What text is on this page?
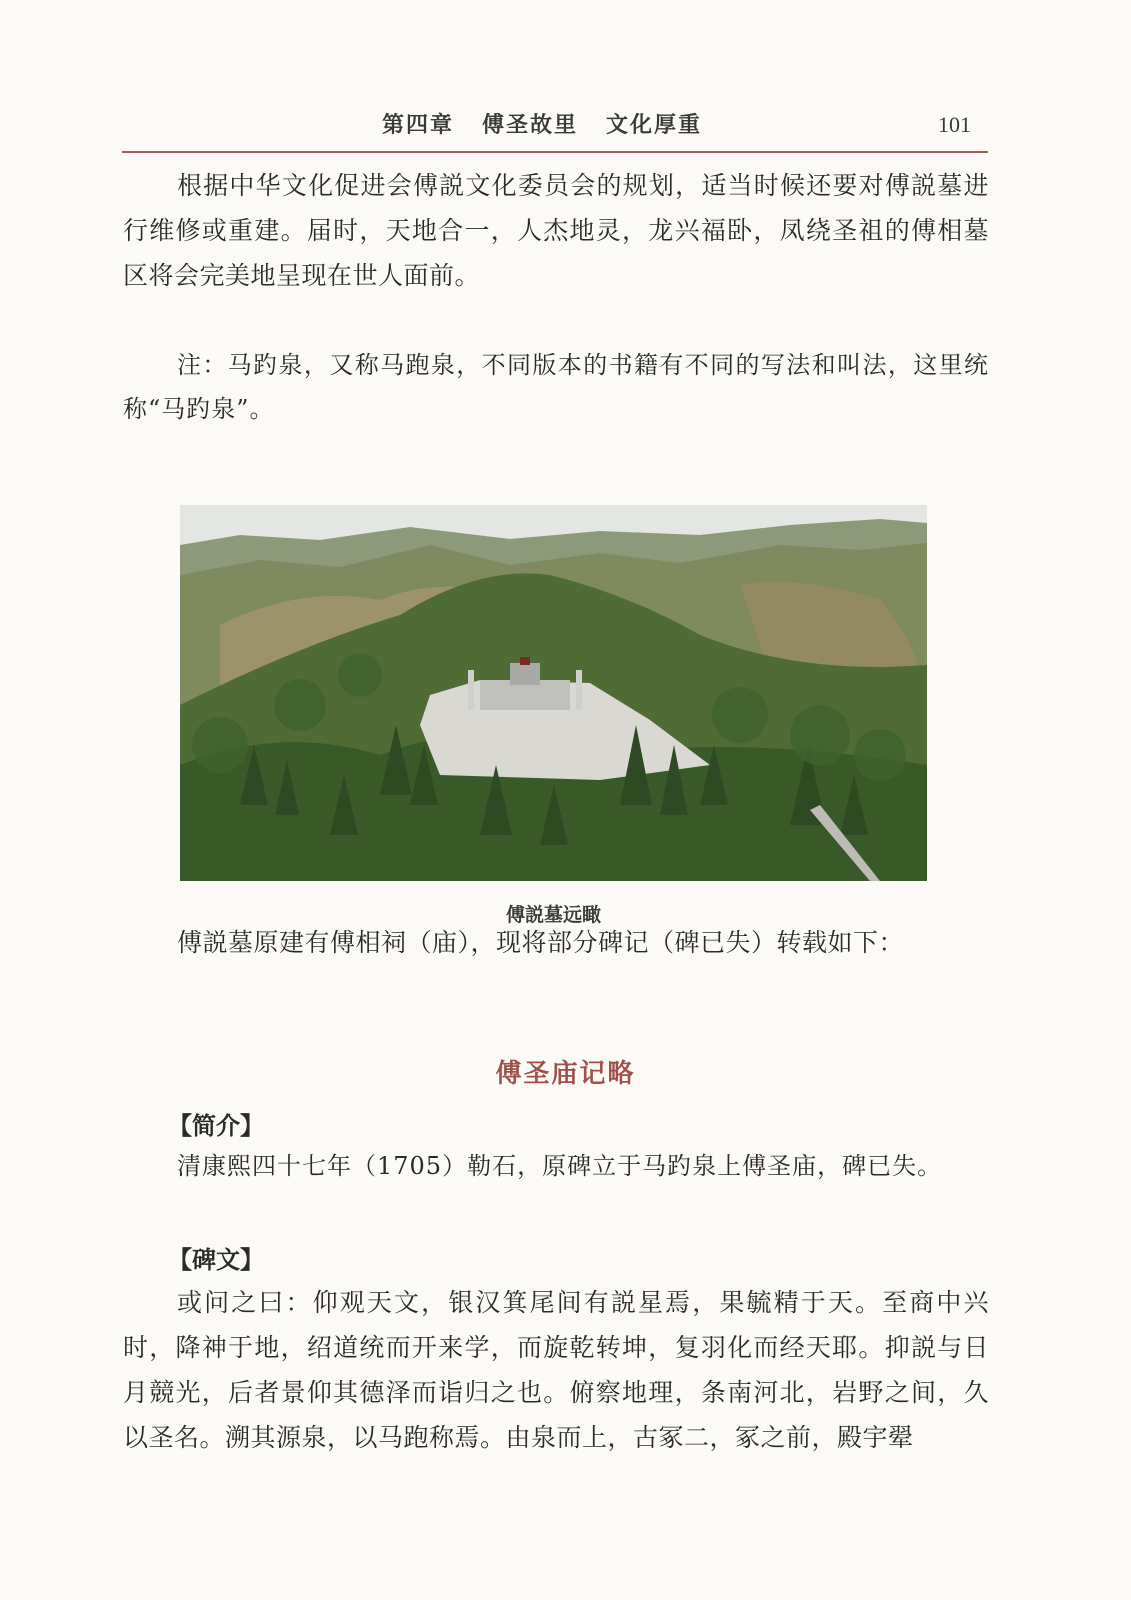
第四章 傅圣故里 文化厚重	101

根据中华文化促进会傅説文化委员会的规划，适当时候还要对傅説墓进行维修或重建。届时，天地合一，人杰地灵，龙兴福卧，凤绕圣祖的傅相墓区将会完美地呈现在世人面前。

注：马趵泉，又称马跑泉，不同版本的书籍有不同的写法和叫法，这里统称“马趵泉”。

傅説墓远瞰

傅説墓原建有傅相祠（庙），现将部分碑记（碑已失）转载如下：

傅圣庙记略
【简介】

清康熙四十七年（1705）勒石，原碑立于马趵泉上傅圣庙，碑已失。

【碑文】

或问之曰：仰观天文，银汉箕尾间有説星焉，果毓精于天。至商中兴时，降神于地，绍道统而开来学，而旋乾转坤，复羽化而经天耶。抑説与日月競光，后者景仰其德泽而诣归之也。俯察地理，条南河北，岩野之间，久以圣名。溯其源泉，以马跑称焉。由泉而上，古冢二，冢之前，殿宇翚
